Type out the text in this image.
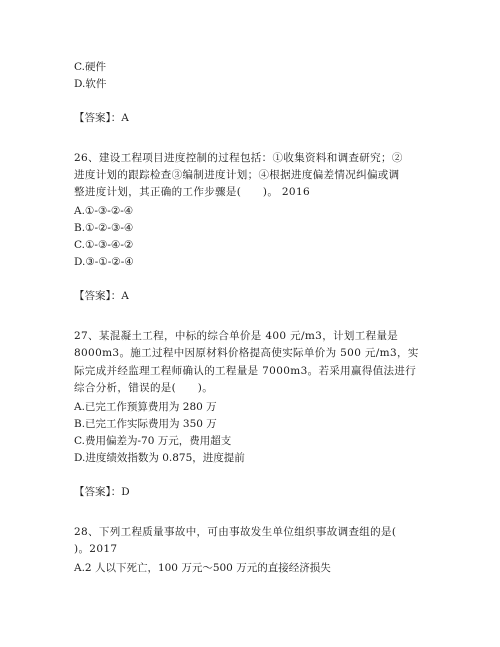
C.硬件
D.软件
【答案】：A
26、建设工程项目进度控制的过程包括：①收集资料和调查研究；②
进度计划的跟踪检查③编制进度计划；④根据进度偏差情况纠偏或调
整进度计划，其正确的工作步骤是(　　)。 2016
A.①-③-②-④
B.①-②-③-④
C.①-③-④-②
D.③-①-②-④
【答案】：A
27、某混凝土工程，中标的综合单价是 400 元/m3，计划工程量是
8000m3。施工过程中因原材料价格提高使实际单价为 500 元/m3，实
际完成并经监理工程师确认的工程量是 7000m3。若采用赢得值法进行
综合分析，错误的是(　　)。
A.已完工作预算费用为 280 万
B.已完工作实际费用为 350 万
C.费用偏差为-70 万元，费用超支
D.进度绩效指数为 0.875，进度提前
【答案】：D
28、下列工程质量事故中，可由事故发生单位组织事故调查组的是(
)。2017
A.2 人以下死亡，100 万元～500 万元的直接经济损失
